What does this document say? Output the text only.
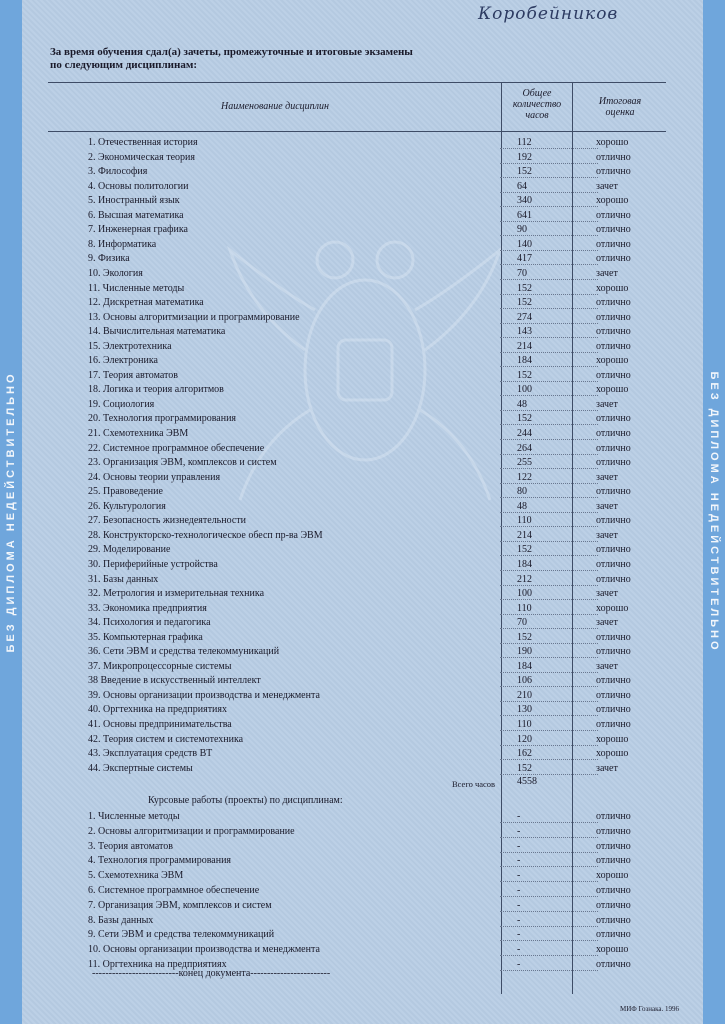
БЕЗ ДИПЛОМА НЕДЕЙСТВИТЕЛЬНО	БЕЗ ДИПЛОМА НЕДЕЙСТВИТЕЛЬНО
Коробейников
За время обучения сдал(а) зачеты, промежуточные и итоговые экзамены
по следующим дисциплинам:
Наименование дисциплин
Общее
количество
часов
Итоговая
оценка
1. Отечественная история	112	хорошо
2. Экономическая теория	192	отлично
3. Философия	152	отлично
4. Основы политологии	64	зачет
5. Иностранный язык	340	хорошо
6. Высшая математика	641	отлично
7. Инженерная графика	90	отлично
8. Информатика	140	отлично
9. Физика	417	отлично
10. Экология	70	зачет
11. Численные методы	152	хорошо
12. Дискретная математика	152	отлично
13. Основы алгоритмизации и программирование	274	отлично
14. Вычислительная математика	143	отлично
15. Электротехника	214	отлично
16. Электроника	184	хорошо
17. Теория автоматов	152	отлично
18. Логика и теория алгоритмов	100	хорошо
19. Социология	48	зачет
20. Технология программирования	152	отлично
21. Схемотехника ЭВМ	244	отлично
22. Системное программное обеспечение	264	отлично
23. Организация ЭВМ, комплексов и систем	255	отлично
24. Основы теории управления	122	зачет
25. Правоведение	80	отлично
26. Культурология	48	зачет
27. Безопасность жизнедеятельности	110	отлично
28. Конструкторско-технологическое обесп пр-ва ЭВМ	214	зачет
29. Моделирование	152	отлично
30. Периферийные устройства	184	отлично
31. Базы данных	212	отлично
32. Метрология и измерительная техника	100	зачет
33. Экономика предприятия	110	хорошо
34. Психология и педагогика	70	зачет
35. Компьютерная графика	152	отлично
36. Сети ЭВМ и средства телекоммуникаций	190	отлично
37. Микропроцессорные системы	184	зачет
38 Введение в искусственный интеллект	106	отлично
39. Основы организации производства и менеджмента	210	отлично
40. Оргтехника на предприятиях	130	отлично
41. Основы предпринимательства	110	отлично
42. Теория систем и системотехника	120	хорошо
43. Эксплуатация средств ВТ	162	хорошо
44. Экспертные системы	152	зачет
Всего часов 4558
Курсовые работы (проекты) по дисциплинам:
1. Численные методы	-	отлично
2. Основы алгоритмизации и программирование	-	отлично
3. Теория автоматов	-	отлично
4. Технология программирования	-	отлично
5. Схемотехника ЭВМ	-	хорошо
6. Системное программное обеспечение	-	отлично
7. Организация ЭВМ, комплексов и систем	-	отлично
8. Базы данных	-	отлично
9. Сети ЭВМ и средства телекоммуникаций	-	отлично
10. Основы организации производства и менеджмента	-	хорошо
11. Оргтехника на предприятиях	-	отлично
--------------------------конец документа------------------------
МИФ Гознака. 1996
